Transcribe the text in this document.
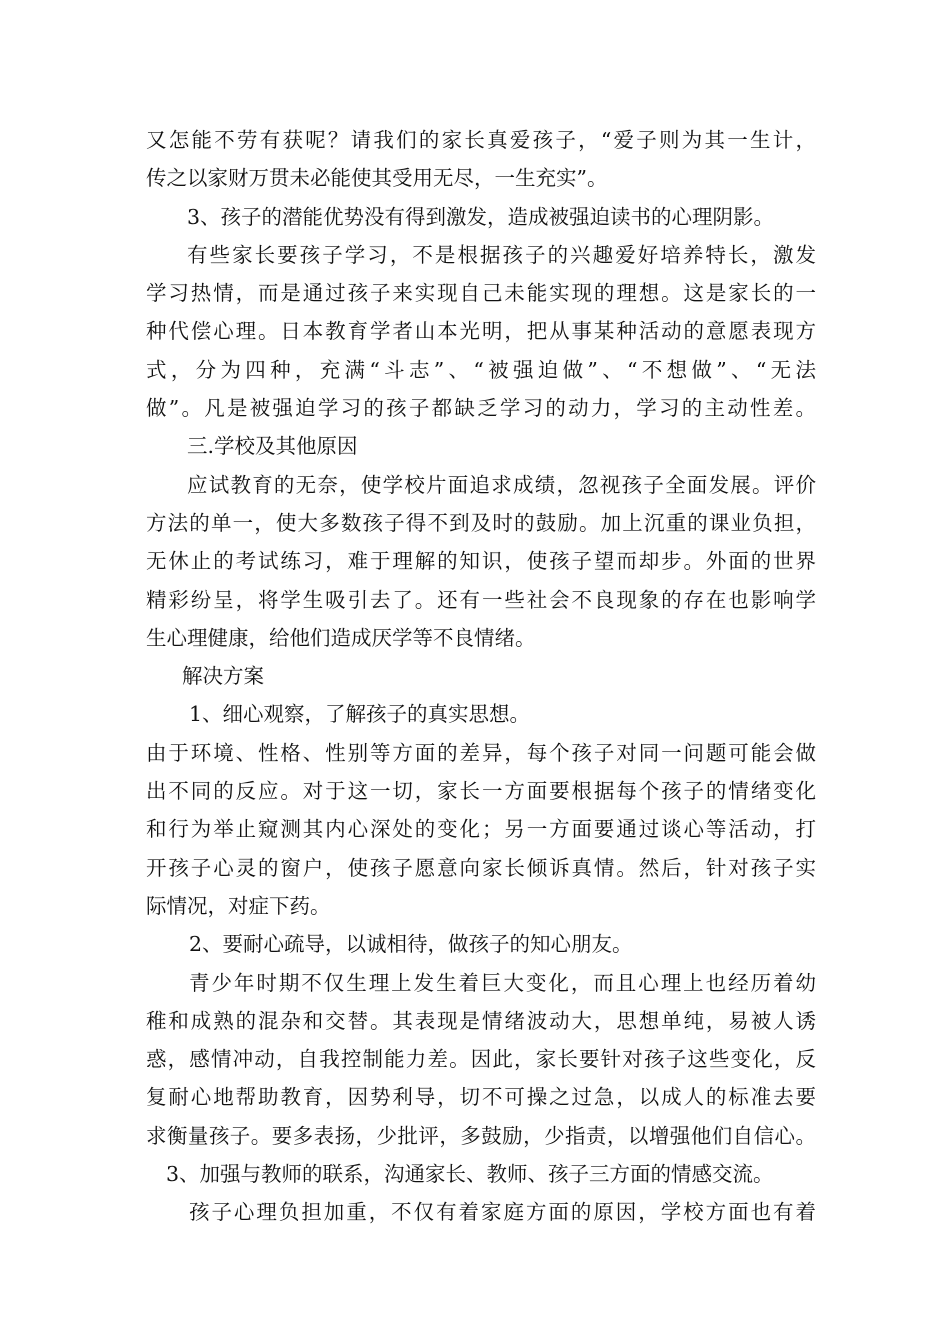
又怎能不劳有获呢？请我们的家长真爱孩子，“爱子则为其一生计，
传之以家财万贯未必能使其受用无尽，一生充实”。
3、孩子的潜能优势没有得到激发，造成被强迫读书的心理阴影。
有些家长要孩子学习，不是根据孩子的兴趣爱好培养特长，激发
学习热情，而是通过孩子来实现自己未能实现的理想。这是家长的一
种代偿心理。日本教育学者山本光明，把从事某种活动的意愿表现方
式，分为四种，充满“斗志”、“被强迫做”、“不想做”、“无法
做”。凡是被强迫学习的孩子都缺乏学习的动力，学习的主动性差。
三.学校及其他原因
应试教育的无奈，使学校片面追求成绩，忽视孩子全面发展。评价
方法的单一，使大多数孩子得不到及时的鼓励。加上沉重的课业负担，
无休止的考试练习，难于理解的知识，使孩子望而却步。外面的世界
精彩纷呈，将学生吸引去了。还有一些社会不良现象的存在也影响学
生心理健康，给他们造成厌学等不良情绪。
解决方案
1、细心观察，了解孩子的真实思想。
由于环境、性格、性别等方面的差异，每个孩子对同一问题可能会做
出不同的反应。对于这一切，家长一方面要根据每个孩子的情绪变化
和行为举止窥测其内心深处的变化；另一方面要通过谈心等活动，打
开孩子心灵的窗户，使孩子愿意向家长倾诉真情。然后，针对孩子实
际情况，对症下药。
2、要耐心疏导，以诚相待，做孩子的知心朋友。
青少年时期不仅生理上发生着巨大变化，而且心理上也经历着幼
稚和成熟的混杂和交替。其表现是情绪波动大，思想单纯，易被人诱
惑，感情冲动，自我控制能力差。因此，家长要针对孩子这些变化，反
复耐心地帮助教育，因势利导，切不可操之过急，以成人的标准去要
求衡量孩子。要多表扬，少批评，多鼓励，少指责，以增强他们自信心。
3、加强与教师的联系，沟通家长、教师、孩子三方面的情感交流。
孩子心理负担加重，不仅有着家庭方面的原因，学校方面也有着
